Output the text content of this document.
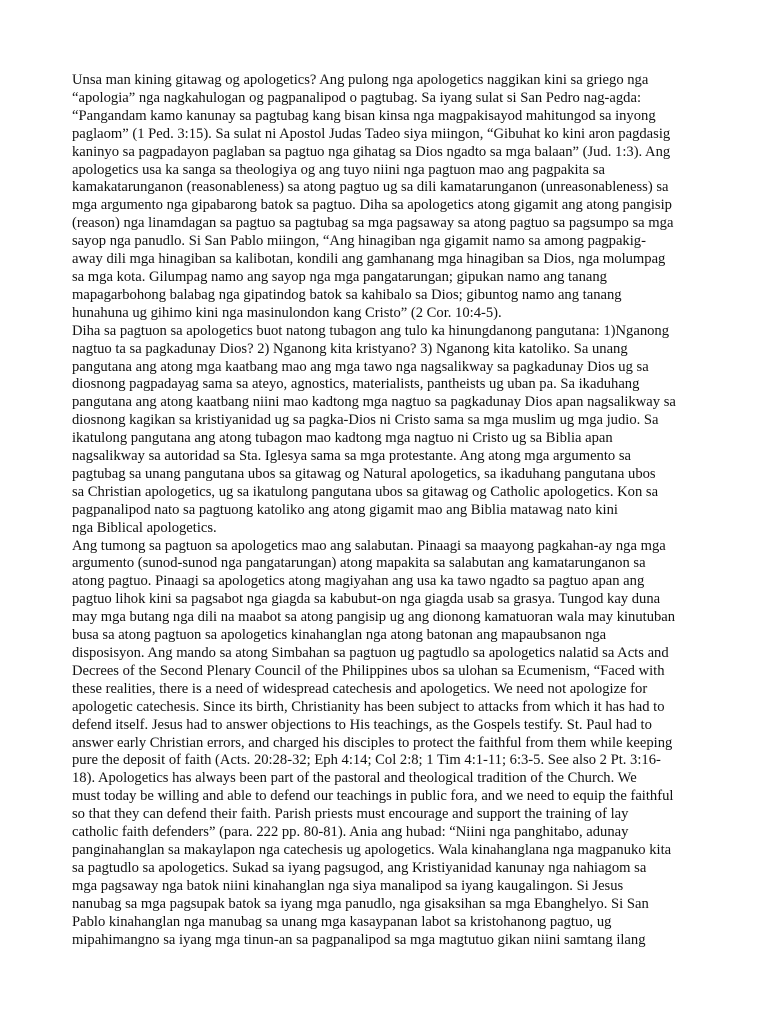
Unsa man kining gitawag og apologetics? Ang pulong nga apologetics naggikan kini sa griego nga
“apologia” nga nagkahulogan og pagpanalipod o pagtubag. Sa iyang sulat si San Pedro nag-agda:
“Pangandam kamo kanunay sa pagtubag kang bisan kinsa nga magpakisayod mahitungod sa inyong
paglaom” (1 Ped. 3:15). Sa sulat ni Apostol Judas Tadeo siya miingon, “Gibuhat ko kini aron pagdasig
kaninyo sa pagpadayon paglaban sa pagtuo nga gihatag sa Dios ngadto sa mga balaan” (Jud. 1:3). Ang
apologetics usa ka sanga sa theologiya og ang tuyo niini nga pagtuon mao ang pagpakita sa
kamakatarunganon (reasonableness) sa atong pagtuo ug sa dili kamatarunganon (unreasonableness) sa
mga argumento nga gipabarong batok sa pagtuo. Diha sa apologetics atong gigamit ang atong pangisip
(reason) nga linamdagan sa pagtuo sa pagtubag sa mga pagsaway sa atong pagtuo sa pagsumpo sa mga
sayop nga panudlo. Si San Pablo miingon, “Ang hinagiban nga gigamit namo sa among pagpakig-
away dili mga hinagiban sa kalibotan, kondili ang gamhanang mga hinagiban sa Dios, nga molumpag
sa mga kota. Gilumpag namo ang sayop nga mga pangatarungan; gipukan namo ang tanang
mapagarbohong balabag nga gipatindog batok sa kahibalo sa Dios; gibuntog namo ang tanang
hunahuna ug gihimo kini nga masinulondon kang Cristo” (2 Cor. 10:4-5).

Diha sa pagtuon sa apologetics buot natong tubagon ang tulo ka hinungdanong pangutana: 1)Nganong
nagtuo ta sa pagkadunay Dios? 2) Nganong kita kristyano? 3) Nganong kita katoliko. Sa unang
pangutana ang atong mga kaatbang mao ang mga tawo nga nagsalikway sa pagkadunay Dios ug sa
diosnong pagpadayag sama sa ateyo, agnostics, materialists, pantheists ug uban pa. Sa ikaduhang
pangutana ang atong kaatbang niini mao kadtong mga nagtuo sa pagkadunay Dios apan nagsalikway sa
diosnong kagikan sa kristiyanidad ug sa pagka-Dios ni Cristo sama sa mga muslim ug mga judio. Sa
ikatulong pangutana ang atong tubagon mao kadtong mga nagtuo ni Cristo ug sa Biblia apan
nagsalikway sa autoridad sa Sta. Iglesya sama sa mga protestante. Ang atong mga argumento sa
pagtubag sa unang pangutana ubos sa gitawag og Natural apologetics, sa ikaduhang pangutana ubos
sa Christian apologetics, ug sa ikatulong pangutana ubos sa gitawag og Catholic apologetics. Kon sa
pagpanalipod nato sa pagtuong katoliko ang atong gigamit mao ang Biblia matawag nato kini
nga Biblical apologetics.

Ang tumong sa pagtuon sa apologetics mao ang salabutan. Pinaagi sa maayong pagkahan-ay nga mga
argumento (sunod-sunod nga pangatarungan) atong mapakita sa salabutan ang kamatarunganon sa
atong pagtuo. Pinaagi sa apologetics atong magiyahan ang usa ka tawo ngadto sa pagtuo apan ang
pagtuo lihok kini sa pagsabot nga giagda sa kabubut-on nga giagda usab sa grasya. Tungod kay duna
may mga butang nga dili na maabot sa atong pangisip ug ang dionong kamatuoran wala may kinutuban
busa sa atong pagtuon sa apologetics kinahanglan nga atong batonan ang mapaubsanon nga
disposisyon. Ang mando sa atong Simbahan sa pagtuon ug pagtudlo sa apologetics nalatid sa Acts and
Decrees of the Second Plenary Council of the Philippines ubos sa ulohan sa Ecumenism, “Faced with
these realities, there is a need of widespread catechesis and apologetics. We need not apologize for
apologetic catechesis. Since its birth, Christianity has been subject to attacks from which it has had to
defend itself. Jesus had to answer objections to His teachings, as the Gospels testify. St. Paul had to
answer early Christian errors, and charged his disciples to protect the faithful from them while keeping
pure the deposit of faith (Acts. 20:28-32; Eph 4:14; Col 2:8; 1 Tim 4:1-11; 6:3-5. See also 2 Pt. 3:16-
18). Apologetics has always been part of the pastoral and theological tradition of the Church. We
must today be willing and able to defend our teachings in public fora, and we need to equip the faithful
so that they can defend their faith. Parish priests must encourage and support the training of lay
catholic faith defenders” (para. 222 pp. 80-81). Ania ang hubad: “Niini nga panghitabo, adunay
panginahanglan sa makaylapon nga catechesis ug apologetics. Wala kinahanglana nga magpanuko kita
sa pagtudlo sa apologetics. Sukad sa iyang pagsugod, ang Kristiyanidad kanunay nga nahiagom sa
mga pagsaway nga batok niini kinahanglan nga siya manalipod sa iyang kaugalingon. Si Jesus
nanubag sa mga pagsupak batok sa iyang mga panudlo, nga gisaksihan sa mga Ebanghelyo. Si San
Pablo kinahanglan nga manubag sa unang mga kasaypanan labot sa kristohanong pagtuo, ug
mipahimangno sa iyang mga tinun-an sa pagpanalipod sa mga magtutuo gikan niini samtang ilang
